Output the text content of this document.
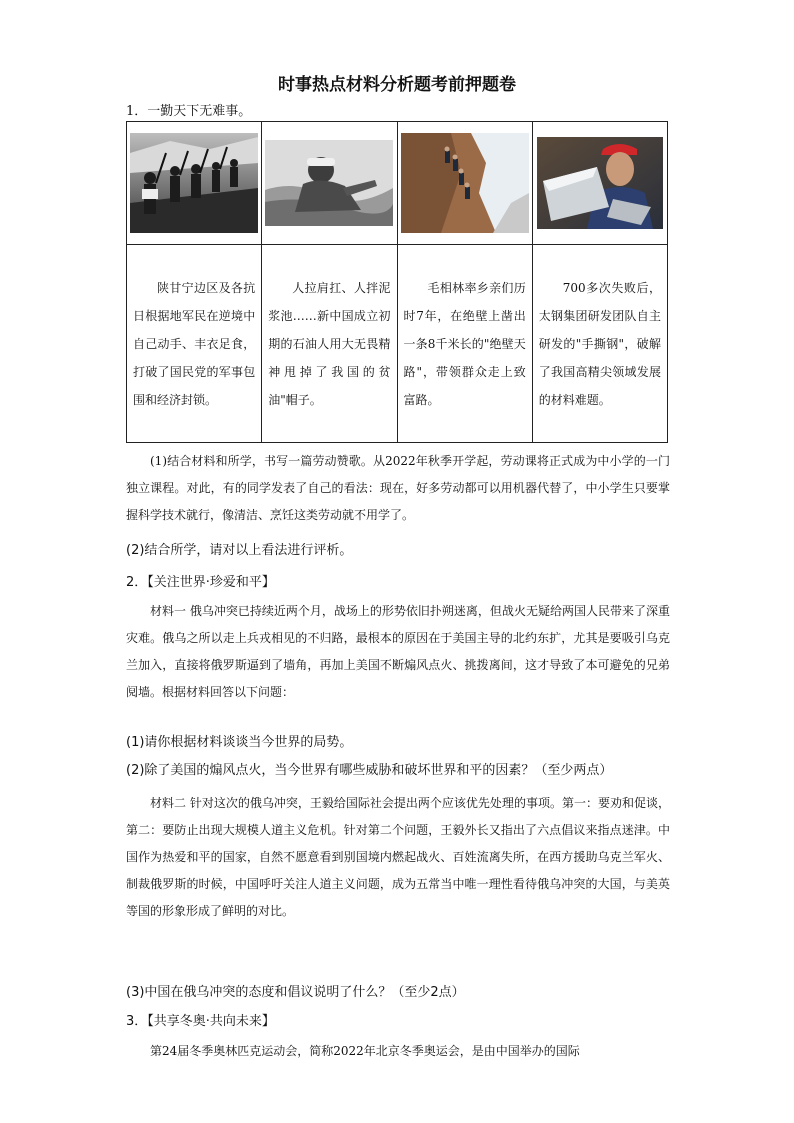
时事热点材料分析题考前押题卷
1．一勤天下无难事。

陕甘宁边区及各抗日根据地军民在逆境中自己动手、丰衣足食，打破了国民党的军事包围和经济封锁。	人拉肩扛、人拌泥浆池……新中国成立初期的石油人用大无畏精神甩掉了我国的贫油"帽子。	毛相林率乡亲们历时7年，在绝壁上凿出一条8千米长的"绝壁天路"，带领群众走上致富路。	700多次失败后，太钢集团研发团队自主研发的"手撕钢"，破解了我国高精尖领域发展的材料难题。
(1)结合材料和所学，书写一篇劳动赞歌。从2022年秋季开学起，劳动课将正式成为中小学的一门独立课程。对此，有的同学发表了自己的看法：现在，好多劳动都可以用机器代替了，中小学生只要掌握科学技术就行，像清洁、烹饪这类劳动就不用学了。
(2)结合所学，请对以上看法进行评析。
2．【关注世界·珍爱和平】
材料一 俄乌冲突已持续近两个月，战场上的形势依旧扑朔迷离，但战火无疑给两国人民带来了深重灾难。俄乌之所以走上兵戎相见的不归路，最根本的原因在于美国主导的北约东扩，尤其是要吸引乌克兰加入，直接将俄罗斯逼到了墙角，再加上美国不断煽风点火、挑拨离间，这才导致了本可避免的兄弟阋墙。根据材料回答以下问题：
(1)请你根据材料谈谈当今世界的局势。
(2)除了美国的煽风点火，当今世界有哪些威胁和破坏世界和平的因素？（至少两点）
材料二 针对这次的俄乌冲突，王毅给国际社会提出两个应该优先处理的事项。第一：要劝和促谈，第二：要防止出现大规模人道主义危机。针对第二个问题，王毅外长又指出了六点倡议来指点迷津。中国作为热爱和平的国家，自然不愿意看到别国境内燃起战火、百姓流离失所，在西方援助乌克兰军火、制裁俄罗斯的时候，中国呼吁关注人道主义问题，成为五常当中唯一理性看待俄乌冲突的大国，与美英等国的形象形成了鲜明的对比。
(3)中国在俄乌冲突的态度和倡议说明了什么？（至少2点）
3．【共享冬奥·共向未来】
第24届冬季奥林匹克运动会，简称2022年北京冬季奥运会，是由中国举办的国际
